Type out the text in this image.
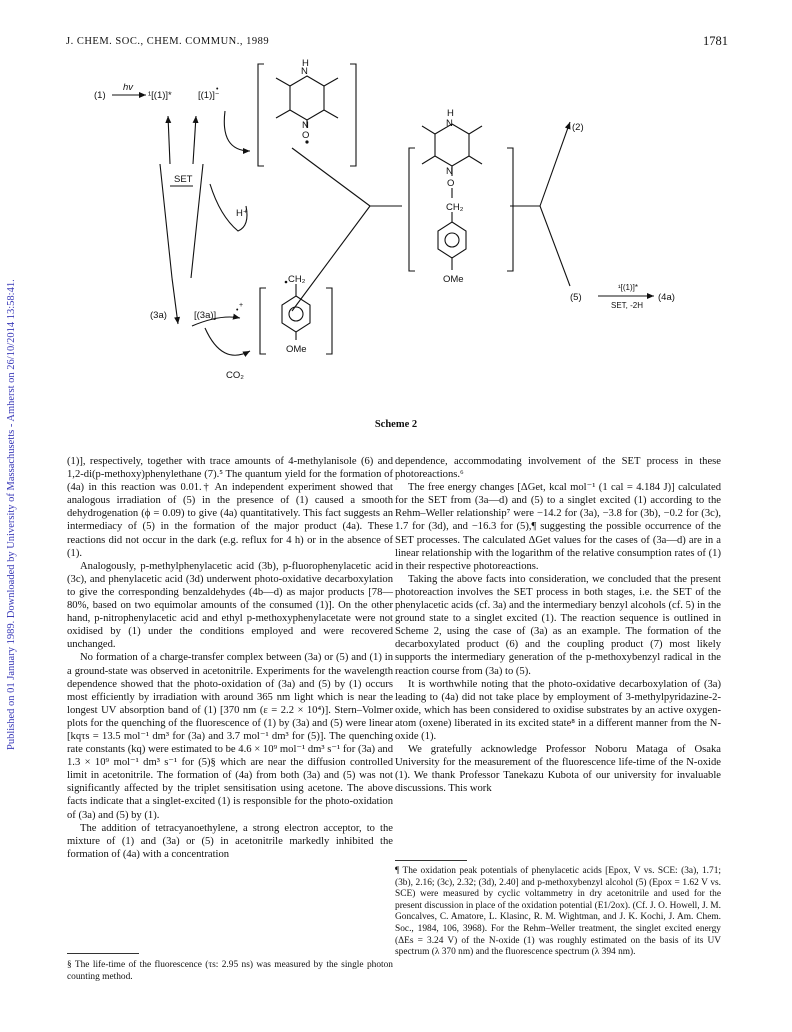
J. CHEM. SOC., CHEM. COMMUN., 1989	1781
Published on 01 January 1989. Downloaded by University of Massachusetts - Amherst on 26/10/2014 13:58:41.
(1)
hv
¹[(1)]*	[(1)]
SET
H⁺
(3a)	[(3a)]
CO₂
CH₂
OMe
N
H
N
O
H
N
N
O
CH₂
OMe
(2)
(5)
¹[(1)]*
SET, -2H
(4a)
•
•
+
−
Scheme 2

(1)], respectively, together with trace amounts of 4-methylanisole (6) and 1,2-di(p-methoxy)phenylethane (7).⁵ The quantum yield for the formation of (4a) in this reaction was 0.01.† An independent experiment showed that analogous irradiation of (5) in the presence of (1) caused a smooth dehydrogenation (ϕ = 0.09) to give (4a) quantitatively. This fact suggests an intermediacy of (5) in the formation of the major product (4a). These reactions did not occur in the dark (e.g. reflux for 4 h) or in the absence of (1).

Analogously, p-methylphenylacetic acid (3b), p-fluorophenylacetic acid (3c), and phenylacetic acid (3d) underwent photo-oxidative decarboxylation to give the corresponding benzaldehydes (4b—d) as major products [78—80%, based on two equimolar amounts of the consumed (1)]. On the other hand, p-nitrophenylacetic acid and ethyl p-methoxyphenylacetate were not oxidised by (1) under the conditions employed and were recovered unchanged.

No formation of a charge-transfer complex between (3a) or (5) and (1) in a ground-state was observed in acetonitrile. Experiments for the wavelength dependence showed that the photo-oxidation of (3a) and (5) by (1) occurs most efficiently by irradiation with around 365 nm light which is near the longest UV absorption band of (1) [370 nm (ε = 2.2 × 10⁴)]. Stern–Volmer plots for the quenching of the fluorescence of (1) by (3a) and (5) were linear [kqτs = 13.5 mol⁻¹ dm³ for (3a) and 3.7 mol⁻¹ dm³ for (5)]. The quenching rate constants (kq) were estimated to be 4.6 × 10⁹ mol⁻¹ dm³ s⁻¹ for (3a) and 1.3 × 10⁹ mol⁻¹ dm³ s⁻¹ for (5)§ which are near the diffusion controlled limit in acetonitrile. The formation of (4a) from both (3a) and (5) was not significantly affected by the triplet sensitisation using acetone. The above facts indicate that a singlet-excited (1) is responsible for the photo-oxidation of (3a) and (5) by (1).

The addition of tetracyanoethylene, a strong electron acceptor, to the mixture of (1) and (3a) or (5) in acetonitrile markedly inhibited the formation of (4a) with a concentration

dependence, accommodating involvement of the SET process in these photoreactions.⁶

The free energy changes [ΔGet, kcal mol⁻¹ (1 cal = 4.184 J)] calculated for the SET from (3a—d) and (5) to a singlet excited (1) according to the Rehm–Weller relationship⁷ were −14.2 for (3a), −3.8 for (3b), −0.2 for (3c), 1.7 for (3d), and −16.3 for (5),¶ suggesting the possible occurrence of the SET processes. The calculated ΔGet values for the cases of (3a—d) are in a linear relationship with the logarithm of the relative consumption rates of (1) in their respective photoreactions.

Taking the above facts into consideration, we concluded that the present photoreaction involves the SET process in both stages, i.e. the SET of the phenylacetic acids (cf. 3a) and the intermediary benzyl alcohols (cf. 5) in the ground state to a singlet excited (1). The reaction sequence is outlined in Scheme 2, using the case of (3a) as an example. The formation of the decarboxylated product (6) and the coupling product (7) most likely supports the intermediary generation of the p-methoxybenzyl radical in the reaction course from (3a) to (5).

It is worthwhile noting that the photo-oxidative decarboxylation of (3a) leading to (4a) did not take place by employment of 3-methylpyridazine-2-oxide, which has been considered to oxidise substrates by an active oxygen-atom (oxene) liberated in its excited state⁸ in a different manner from the N-oxide (1).

We gratefully acknowledge Professor Noboru Mataga of Osaka University for the measurement of the fluorescence life-time of the N-oxide (1). We thank Professor Tanekazu Kubota of our university for invaluable discussions. This work

§ The life-time of the fluorescence (τs: 2.95 ns) was measured by the single photon counting method.
¶ The oxidation peak potentials of phenylacetic acids [Epox, V vs. SCE: (3a), 1.71; (3b), 2.16; (3c), 2.32; (3d), 2.40] and p-methoxybenzyl alcohol (5) (Epox = 1.62 V vs. SCE) were measured by cyclic voltammetry in dry acetonitrile and used for the present discussion in place of the oxidation potential (E1/2ox). (Cf. J. O. Howell, J. M. Goncalves, C. Amatore, L. Klasinc, R. M. Wightman, and J. K. Kochi, J. Am. Chem. Soc., 1984, 106, 3968). For the Rehm–Weller treatment, the singlet excited energy (ΔEs = 3.24 V) of the N-oxide (1) was roughly estimated on the basis of its UV spectrum (λ 370 nm) and the fluorescence spectrum (λ 394 nm).
